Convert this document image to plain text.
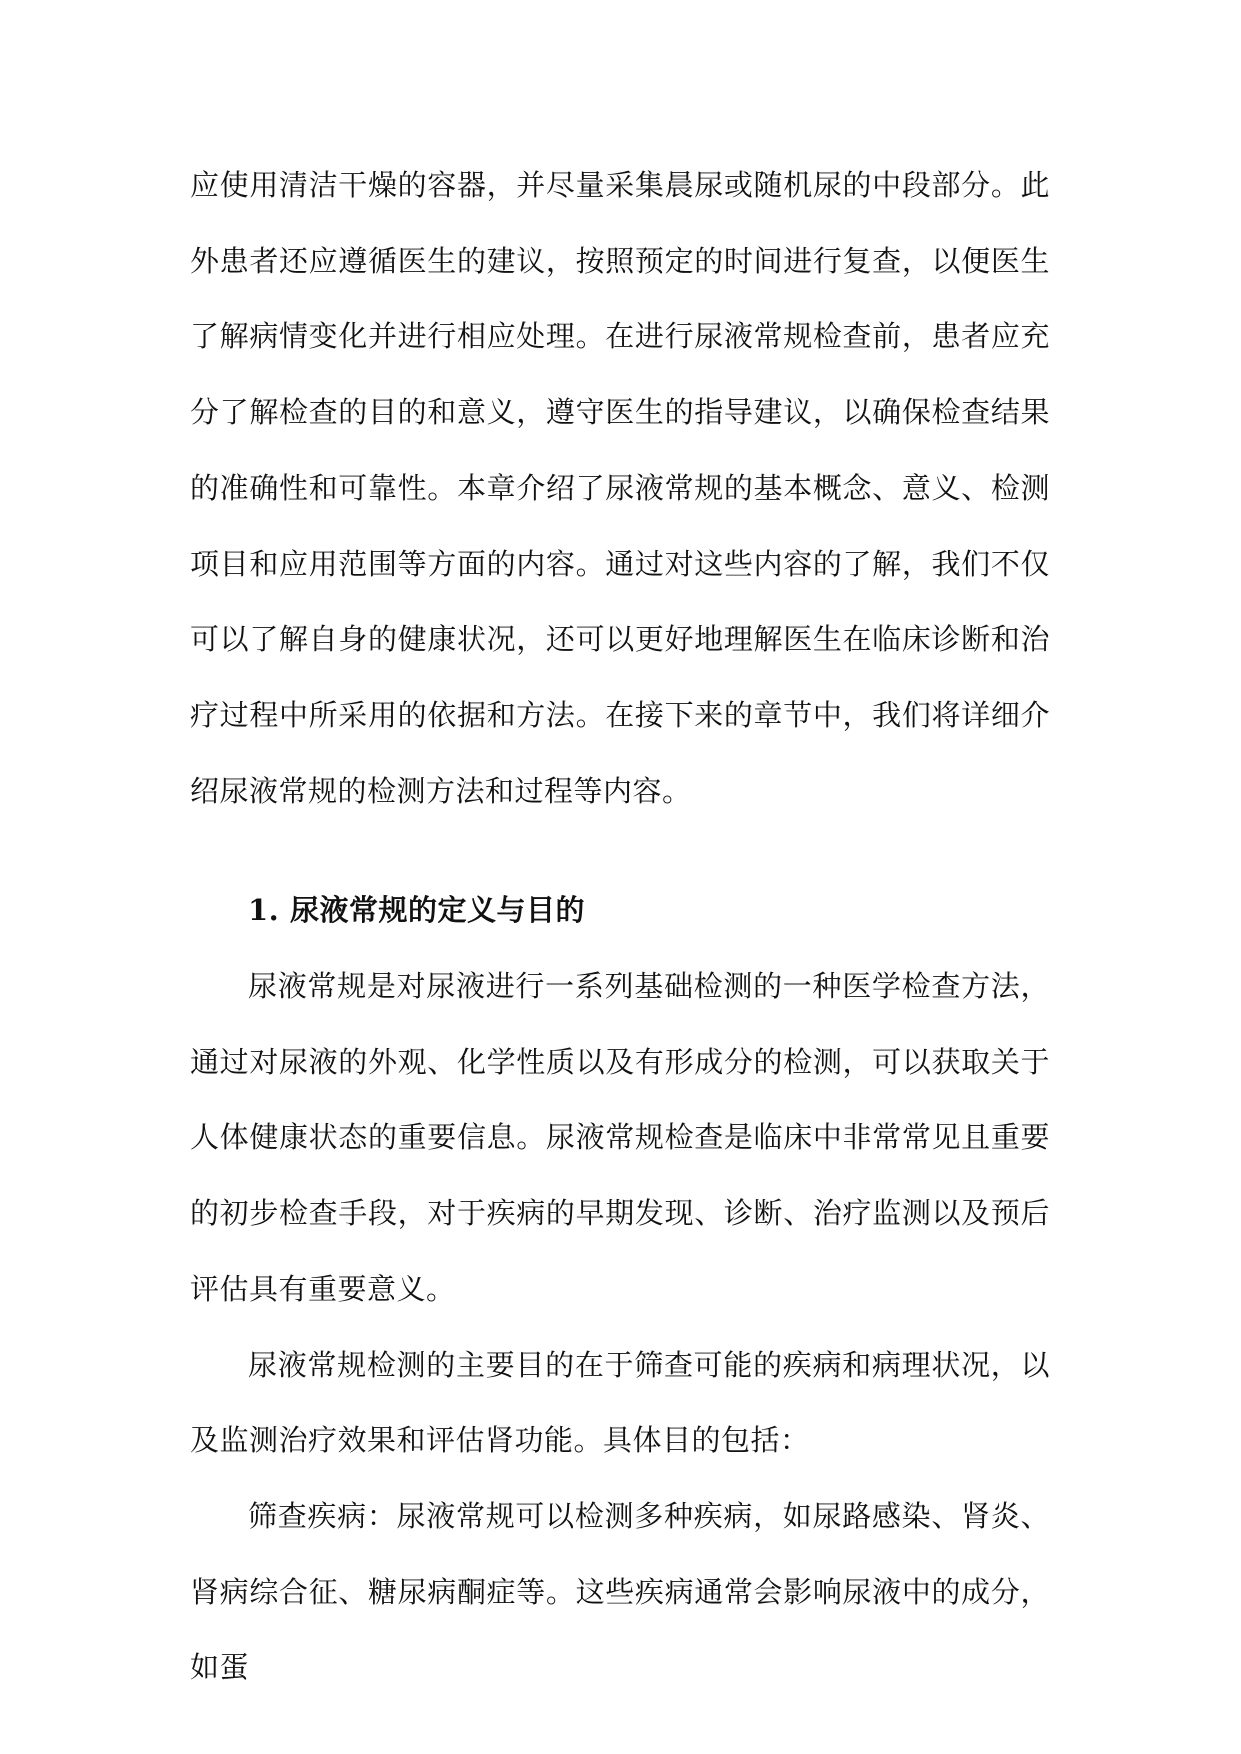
应使用清洁干燥的容器，并尽量采集晨尿或随机尿的中段部分。此外患者还应遵循医生的建议，按照预定的时间进行复查，以便医生了解病情变化并进行相应处理。在进行尿液常规检查前，患者应充分了解检查的目的和意义，遵守医生的指导建议，以确保检查结果的准确性和可靠性。本章介绍了尿液常规的基本概念、意义、检测项目和应用范围等方面的内容。通过对这些内容的了解，我们不仅可以了解自身的健康状况，还可以更好地理解医生在临床诊断和治疗过程中所采用的依据和方法。在接下来的章节中，我们将详细介绍尿液常规的检测方法和过程等内容。

1. 尿液常规的定义与目的

尿液常规是对尿液进行一系列基础检测的一种医学检查方法，通过对尿液的外观、化学性质以及有形成分的检测，可以获取关于人体健康状态的重要信息。尿液常规检查是临床中非常常见且重要的初步检查手段，对于疾病的早期发现、诊断、治疗监测以及预后评估具有重要意义。

尿液常规检测的主要目的在于筛查可能的疾病和病理状况，以及监测治疗效果和评估肾功能。具体目的包括：

筛查疾病：尿液常规可以检测多种疾病，如尿路感染、肾炎、肾病综合征、糖尿病酮症等。这些疾病通常会影响尿液中的成分，如蛋
